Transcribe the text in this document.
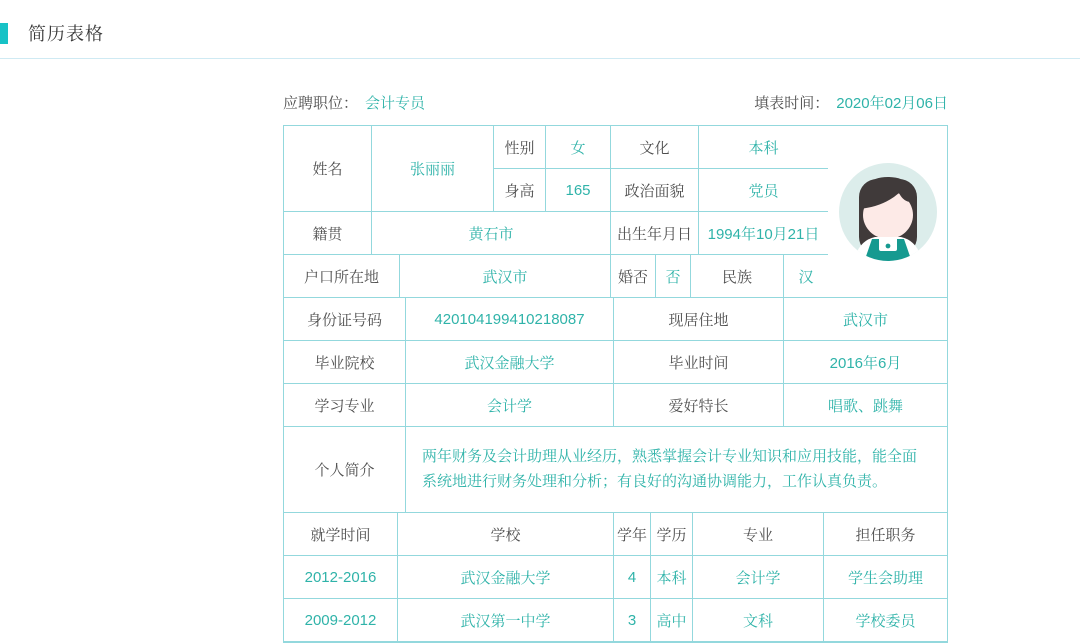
简历表格
应聘职位： 会计专员	填表时间： 2020年02月06日
姓名	张丽丽
性别	女	文化	本科
身高	165	政治面貌	党员
籍贯	黄石市	出生年月日	1994年10月21日
户口所在地	武汉市	婚否	否	民族	汉
身份证号码	420104199410218087	现居住地	武汉市
毕业院校	武汉金融大学	毕业时间	2016年6月
学习专业	会计学	爱好特长	唱歌、跳舞
个人简介
两年财务及会计助理从业经历，熟悉掌握会计专业知识和应用技能，能全面系统地进行财务处理和分析；有良好的沟通协调能力，工作认真负责。
就学时间	学校	学年 学历	专业	担任职务
2012-2016	武汉金融大学	4	本科	会计学	学生会助理
2009-2012	武汉第一中学	3	高中	文科	学校委员
